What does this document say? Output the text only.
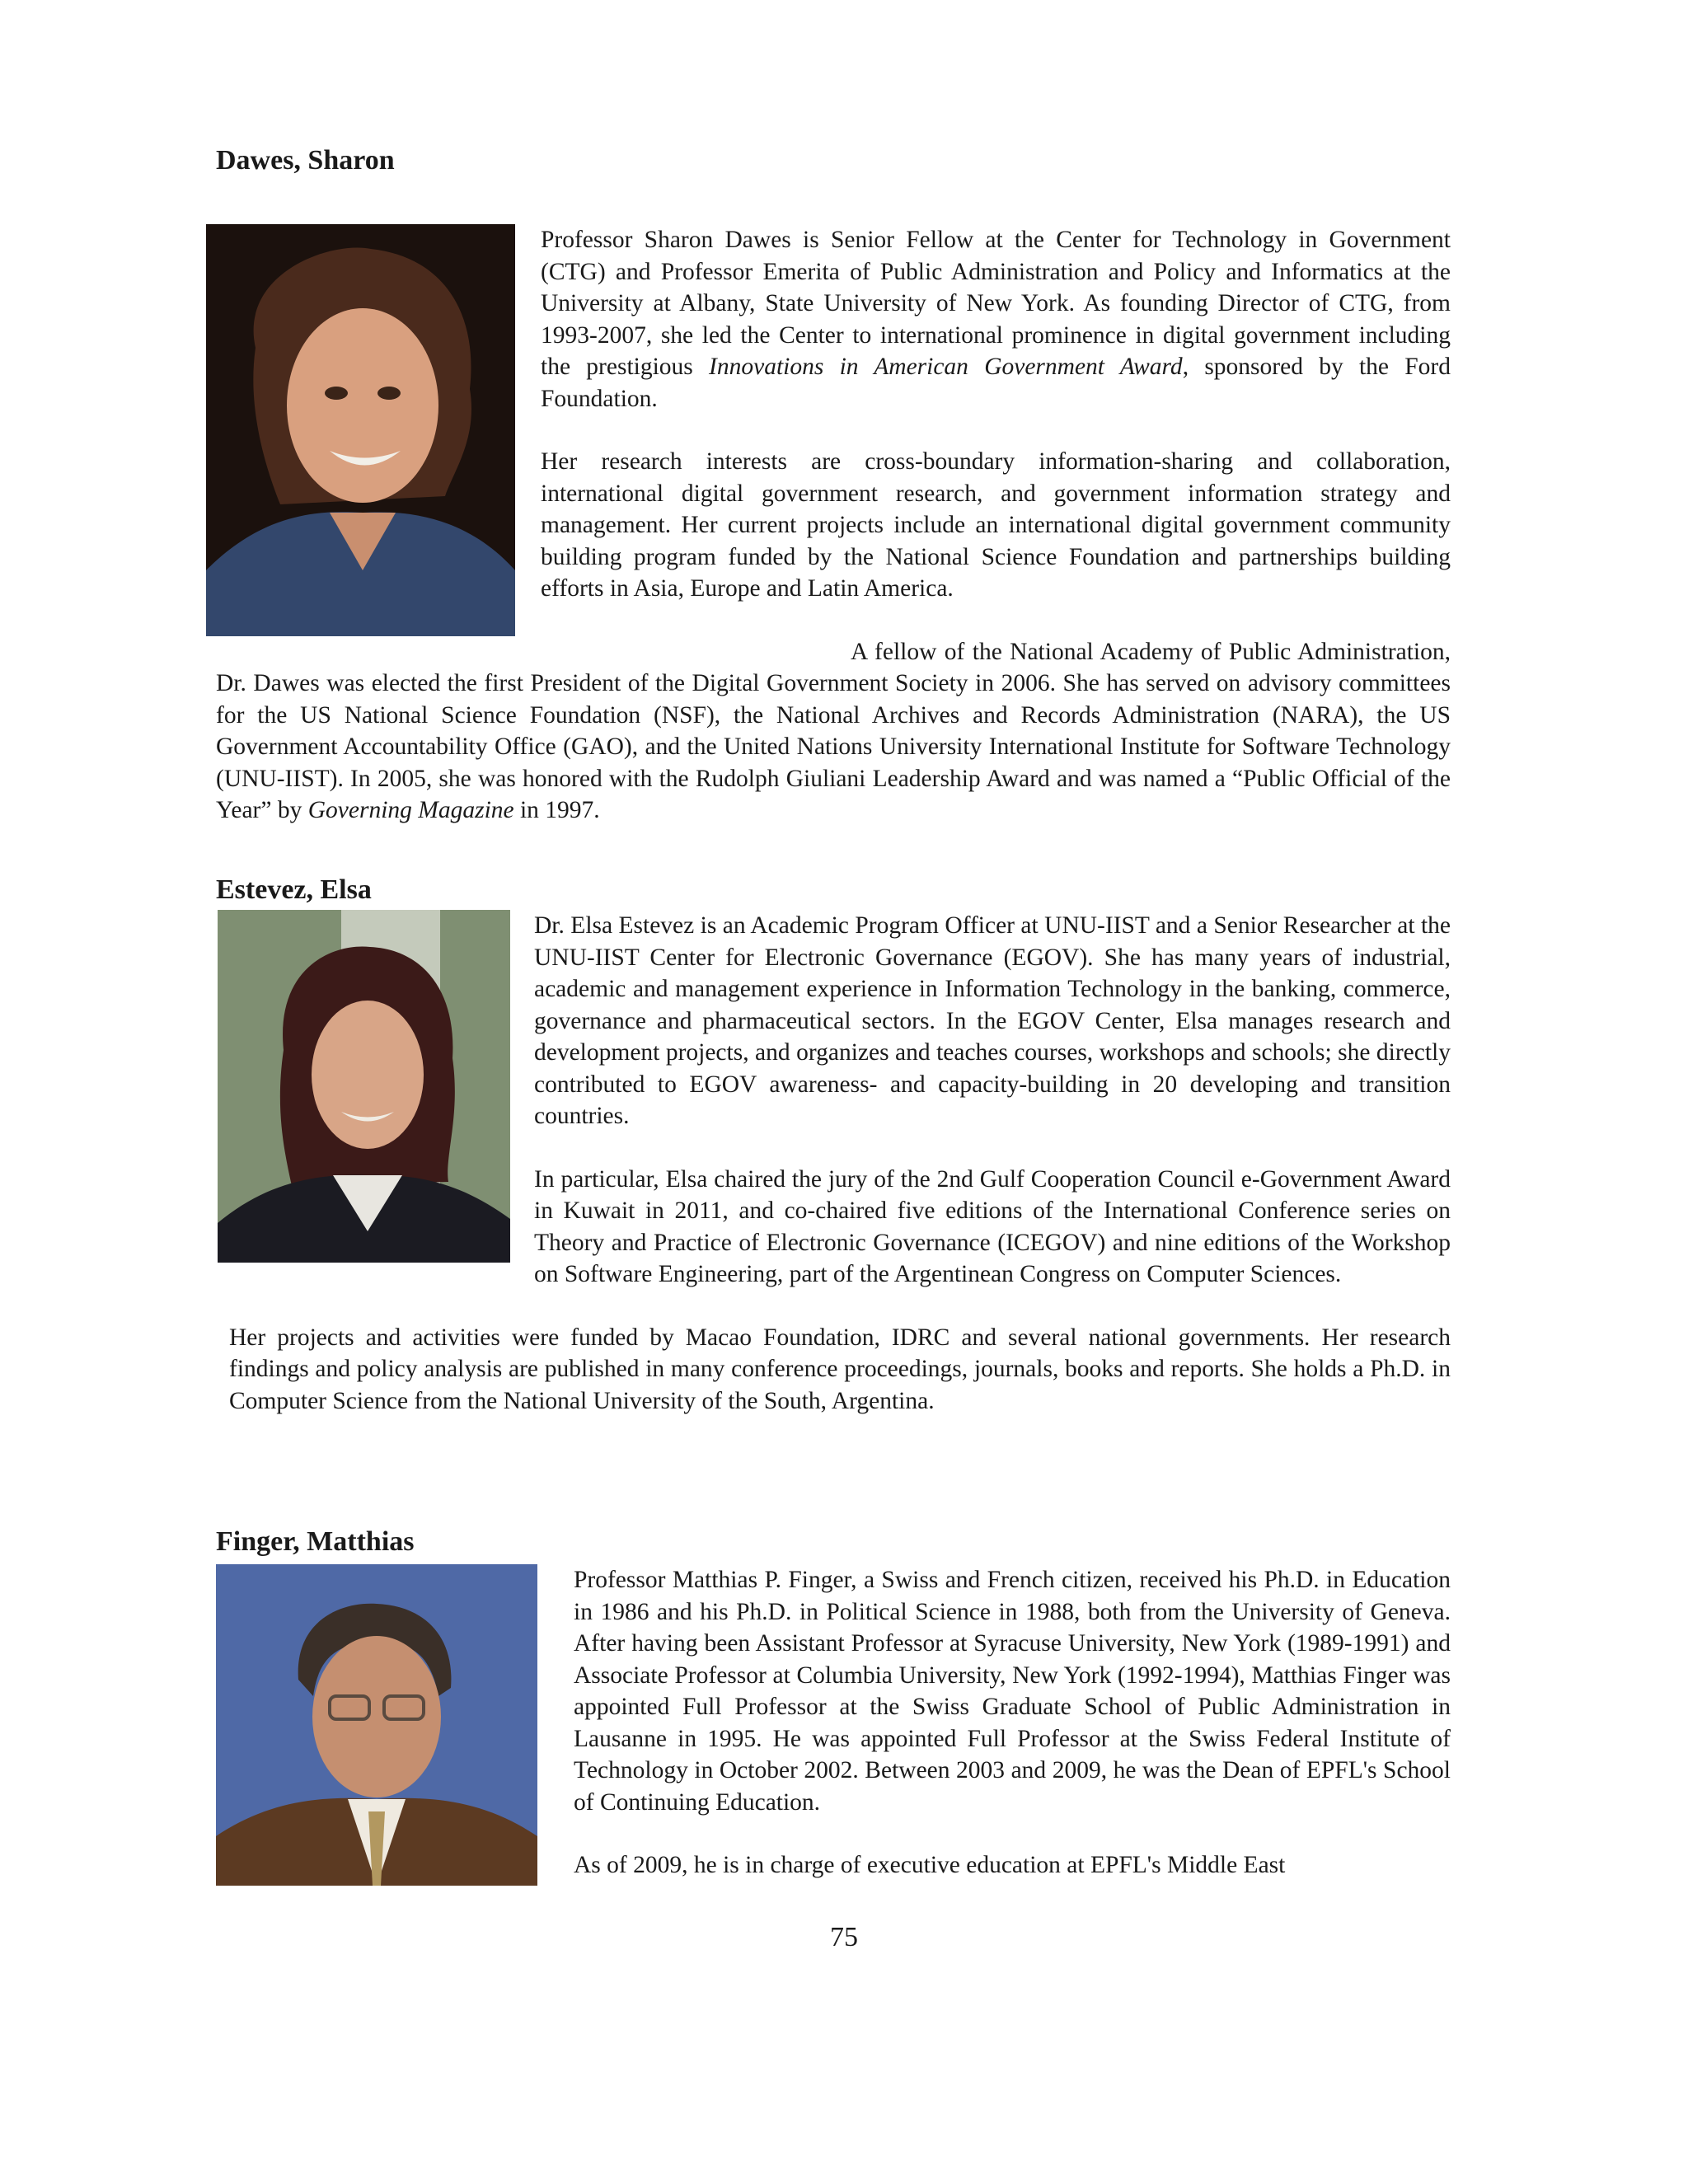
Dawes, Sharon

Professor Sharon Dawes is Senior Fellow at the Center for Technology in Government (CTG) and Professor Emerita of Public Administration and Policy and Informatics at the University at Albany, State University of New York. As founding Director of CTG, from 1993-2007, she led the Center to international prominence in digital government including the prestigious Innovations in American Government Award, sponsored by the Ford Foundation.

Her research interests are cross-boundary information-sharing and collaboration, international digital government research, and government information strategy and management. Her current projects include an international digital government community building program funded by the National Science Foundation and partnerships building efforts in Asia, Europe and Latin America.

A fellow of the National Academy of Public Administration, Dr. Dawes was elected the first President of the Digital Government Society in 2006. She has served on advisory committees for the US National Science Foundation (NSF), the National Archives and Records Administration (NARA), the US Government Accountability Office (GAO), and the United Nations University International Institute for Software Technology (UNU-IIST). In 2005, she was honored with the Rudolph Giuliani Leadership Award and was named a “Public Official of the Year” by Governing Magazine in 1997.

Estevez, Elsa

Dr. Elsa Estevez is an Academic Program Officer at UNU-IIST and a Senior Researcher at the UNU-IIST Center for Electronic Governance (EGOV). She has many years of industrial, academic and management experience in Information Technology in the banking, commerce, governance and pharmaceutical sectors. In the EGOV Center, Elsa manages research and development projects, and organizes and teaches courses, workshops and schools; she directly contributed to EGOV awareness- and capacity-building in 20 developing and transition countries.

In particular, Elsa chaired the jury of the 2nd Gulf Cooperation Council e-Government Award in Kuwait in 2011, and co-chaired five editions of the International Conference series on Theory and Practice of Electronic Governance (ICEGOV) and nine editions of the Workshop on Software Engineering, part of the Argentinean Congress on Computer Sciences.

Her projects and activities were funded by Macao Foundation, IDRC and several national governments. Her research findings and policy analysis are published in many conference proceedings, journals, books and reports. She holds a Ph.D. in Computer Science from the National University of the South, Argentina.

Finger, Matthias

Professor Matthias P. Finger, a Swiss and French citizen, received his Ph.D. in Education in 1986 and his Ph.D. in Political Science in 1988, both from the University of Geneva. After having been Assistant Professor at Syracuse University, New York (1989-1991) and Associate Professor at Columbia University, New York (1992-1994), Matthias Finger was appointed Full Professor at the Swiss Graduate School of Public Administration in Lausanne in 1995. He was appointed Full Professor at the Swiss Federal Institute of Technology in October 2002. Between 2003 and 2009, he was the Dean of EPFL's School of Continuing Education.

As of 2009, he is in charge of executive education at EPFL's Middle East

75
